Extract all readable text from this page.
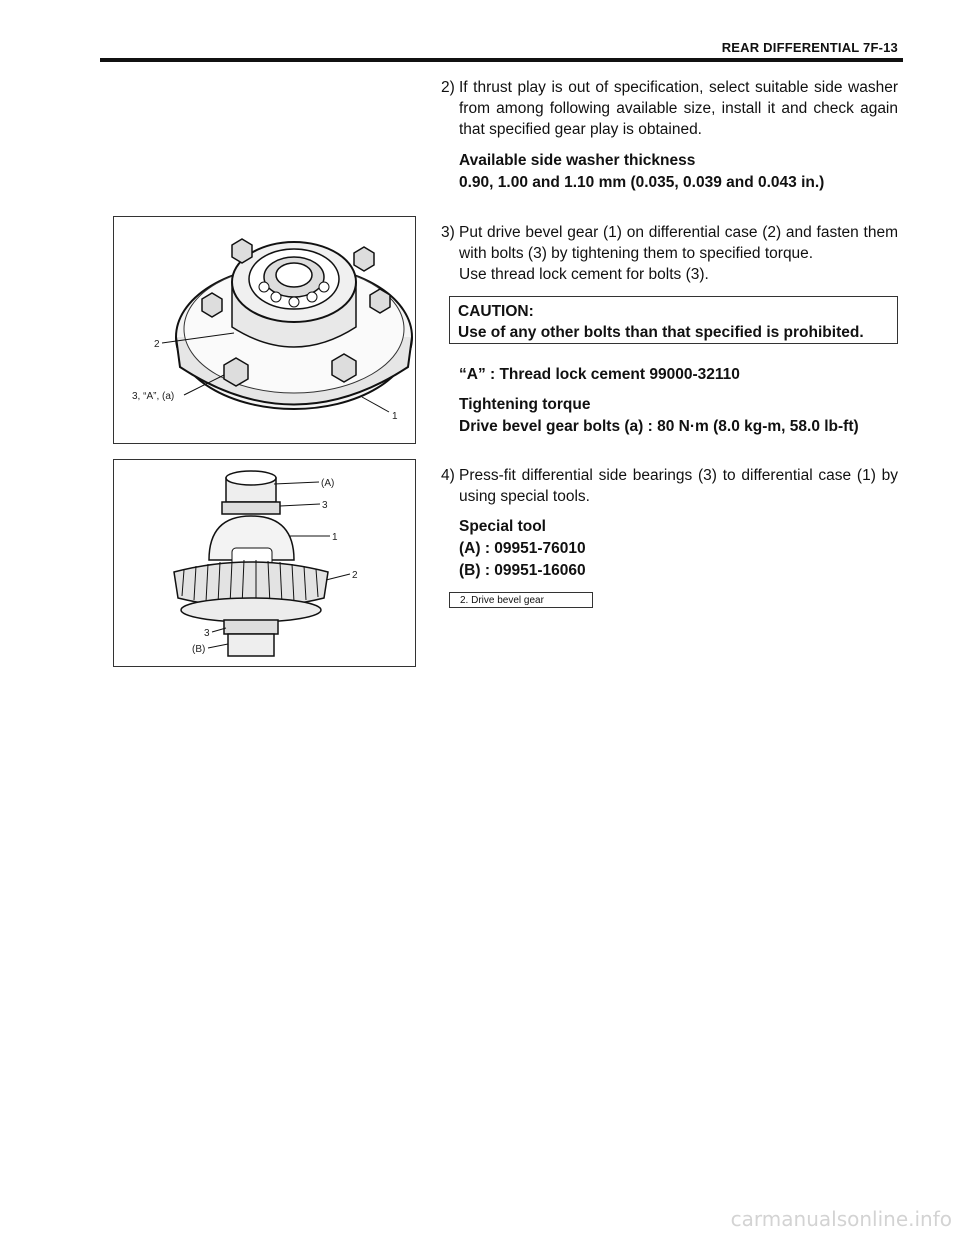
REAR DIFFERENTIAL 7F-13
2) If thrust play is out of specification, select suitable side washer from among following available size, install it and check again that specified gear play is obtained.
Available side washer thickness
0.90, 1.00 and 1.10 mm (0.035, 0.039 and 0.043 in.)
3) Put drive bevel gear (1) on differential case (2) and fasten them with bolts (3) by tightening them to specified torque.
Use thread lock cement for bolts (3).
CAUTION:
Use of any other bolts than that specified is prohibited.
“A” : Thread lock cement 99000-32110
Tightening torque
Drive bevel gear bolts (a) : 80 N·m (8.0 kg-m, 58.0 lb-ft)
4) Press-fit differential side bearings (3) to differential case (1) by using special tools.
Special tool
(A) : 09951-76010
(B) : 09951-16060
2. Drive bevel gear
2
3, “A”, (a)
1
(A)
3
1
2
3
(B)
carmanualsonline.info
